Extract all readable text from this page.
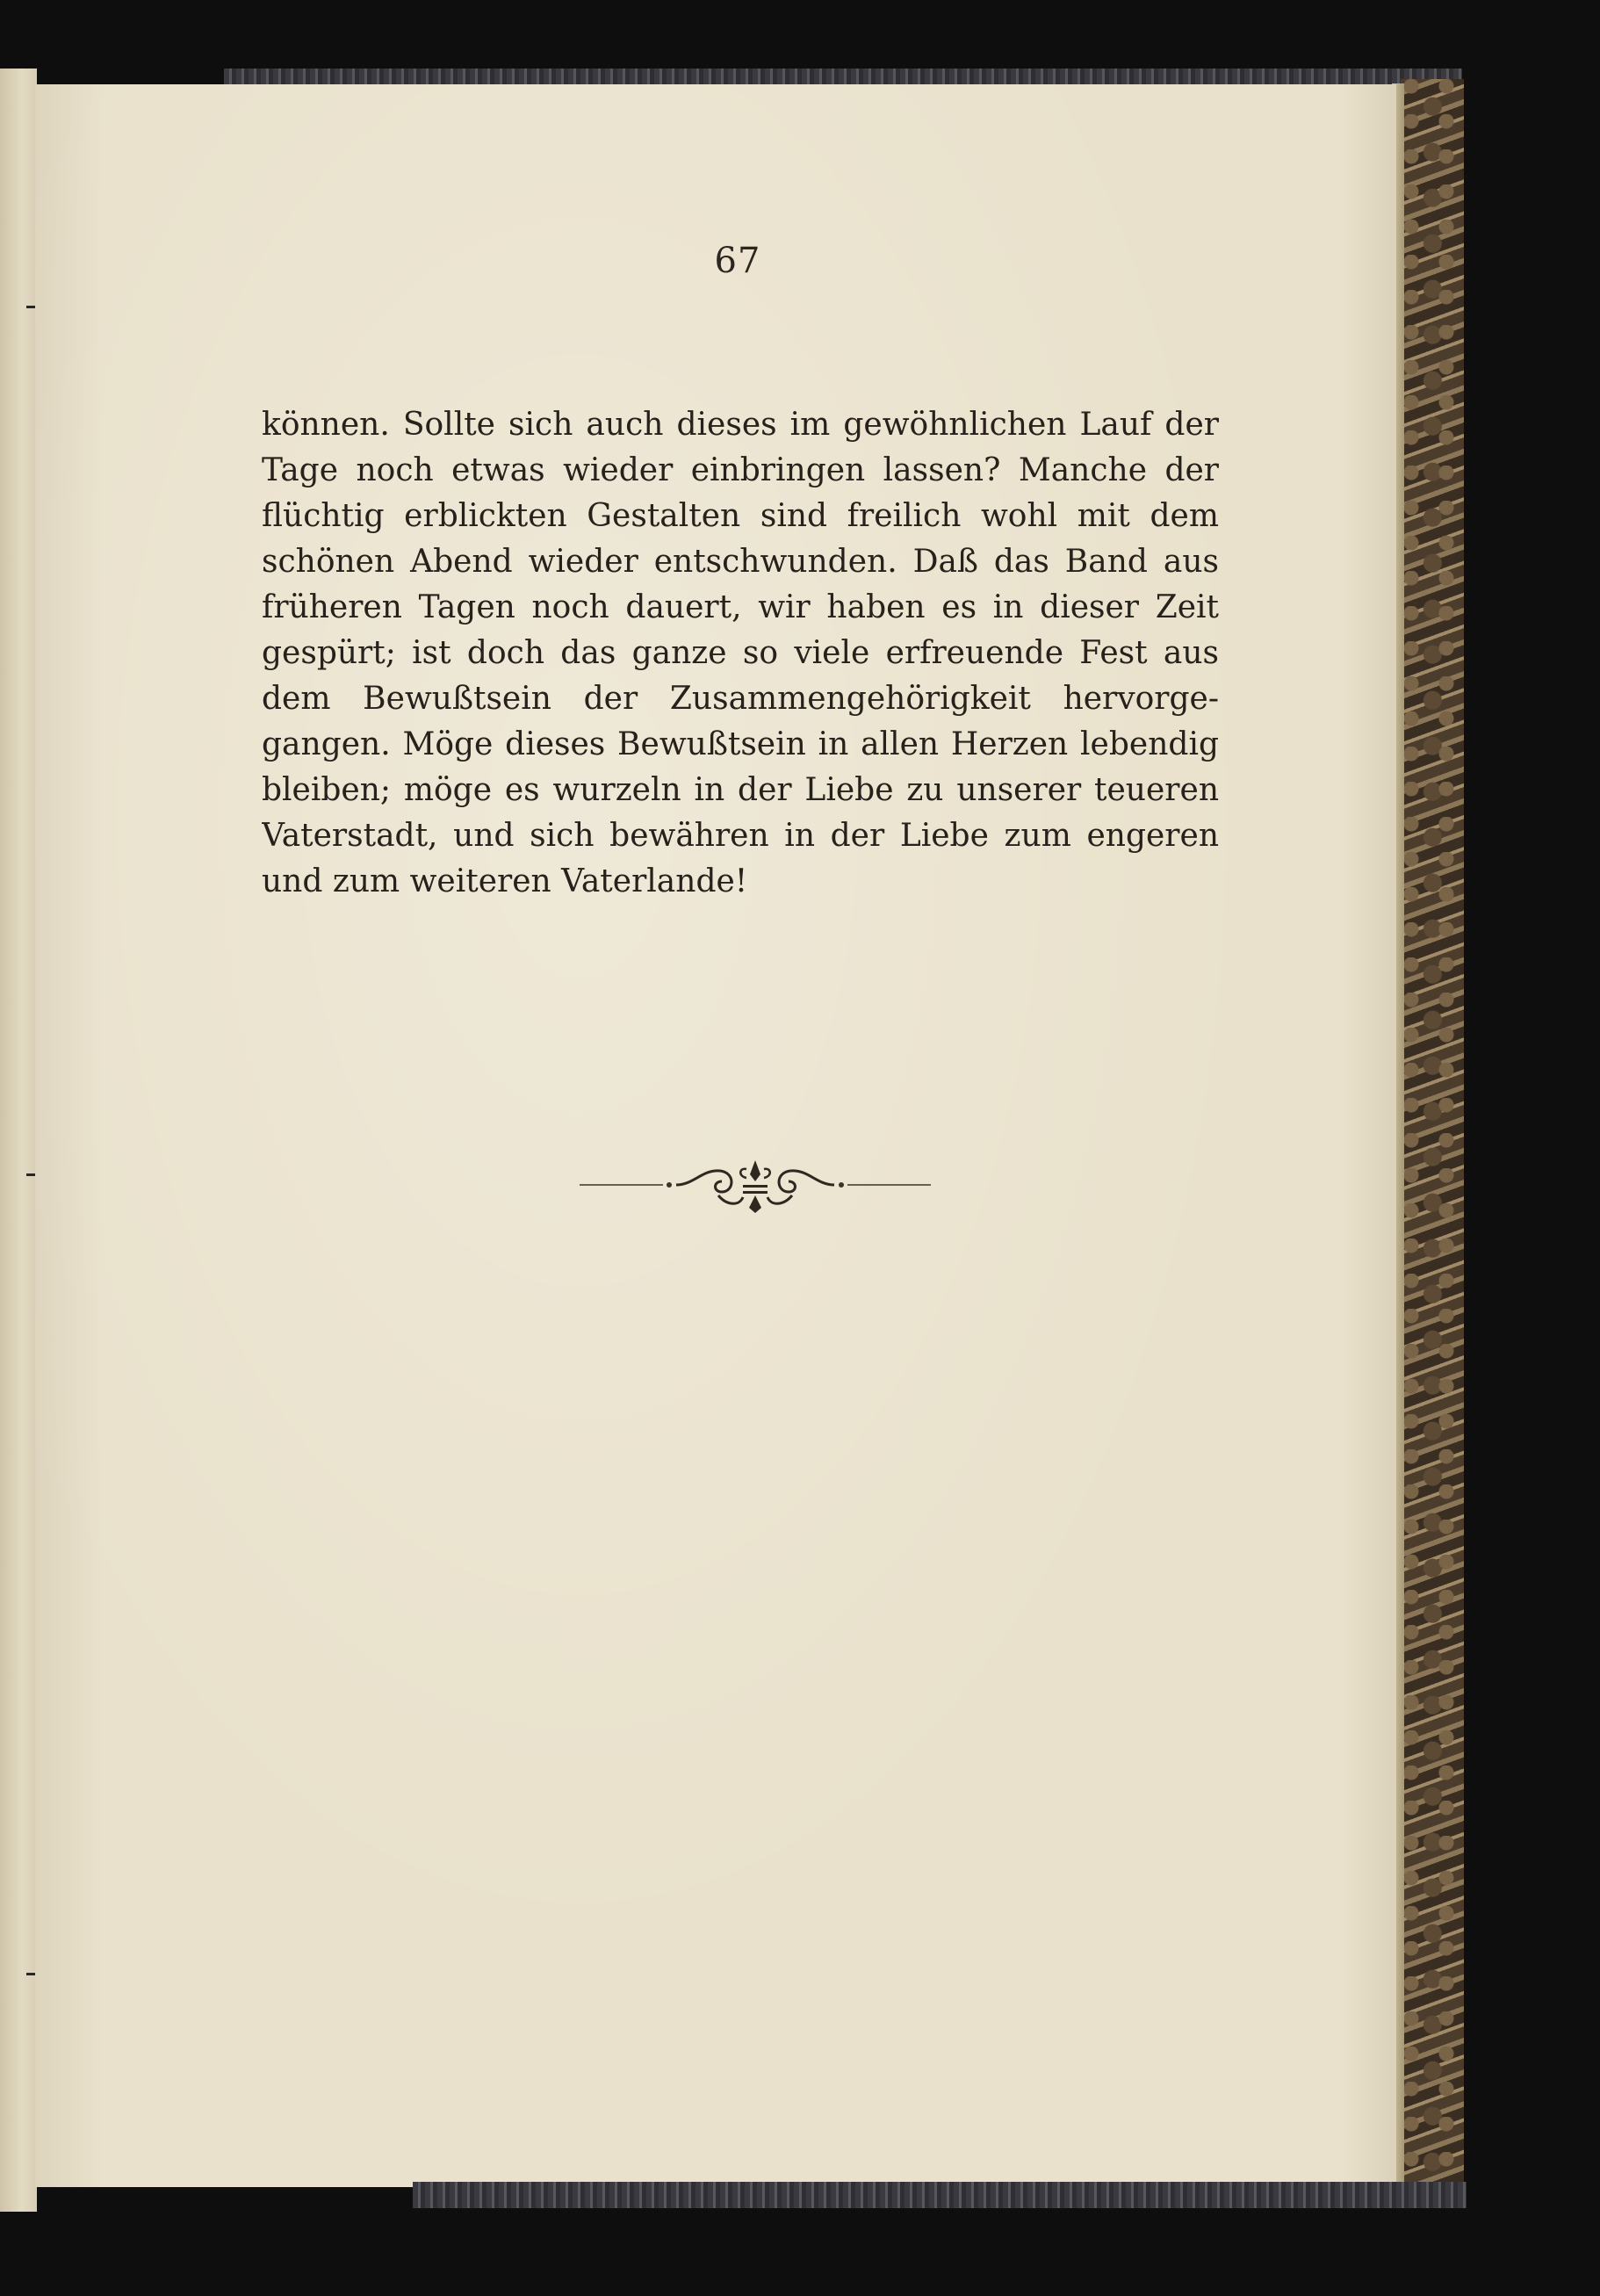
67
können. Sollte sich auch dieses im gewöhnlichen Lauf der
Tage noch etwas wieder einbringen lassen? Manche der
flüchtig erblickten Gestalten sind freilich wohl mit dem
schönen Abend wieder entschwunden. Daß das Band aus
früheren Tagen noch dauert, wir haben es in dieser Zeit
gespürt; ist doch das ganze so viele erfreuende Fest aus
dem Bewußtsein der Zusammengehörigkeit hervorge-
gangen. Möge dieses Bewußtsein in allen Herzen lebendig
bleiben; möge es wurzeln in der Liebe zu unserer teueren
Vaterstadt, und sich bewähren in der Liebe zum engeren
und zum weiteren Vaterlande!
